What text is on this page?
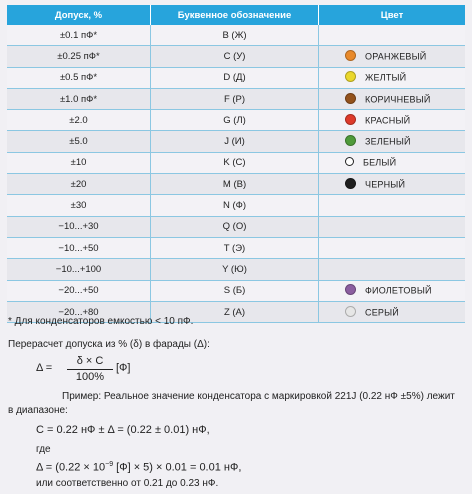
Допуск, %	Буквенное обозначение	Цвет
±0.1 пФ*	B (Ж)	
±0.25 пФ*	C (У)	ОРАНЖЕВЫЙ
±0.5 пФ*	D (Д)	ЖЕЛТЫЙ
±1.0 пФ*	F (Р)	КОРИЧНЕВЫЙ
±2.0	G (Л)	КРАСНЫЙ
±5.0	J (И)	ЗЕЛЕНЫЙ
±10	K (С)	БЕЛЫЙ
±20	M (В)	ЧЕРНЫЙ
±30	N (Ф)	
−10...+30	Q (О)	
−10...+50	T (Э)	
−10...+100	Y (Ю)	
−20...+50	S (Б)	ФИОЛЕТОВЫЙ
−20...+80	Z (А)	СЕРЫЙ
* Для конденсаторов емкостью < 10 пФ.
Перерасчет допуска из % (δ) в фарады (Δ):
Δ =
δ × C
100%
[Ф]
Пример: Реальное значение конденсатора с маркировкой 221J (0.22 нФ ±5%) лежит
в диапазоне:
C = 0.22 нФ ± Δ = (0.22 ± 0.01) нФ,
где
$\Delta = (0.22 \times 10^{-9}$ [Ф] × 5) × 0.01 = 0.01 нФ,
или соответственно от 0.21 до 0.23 нФ.
